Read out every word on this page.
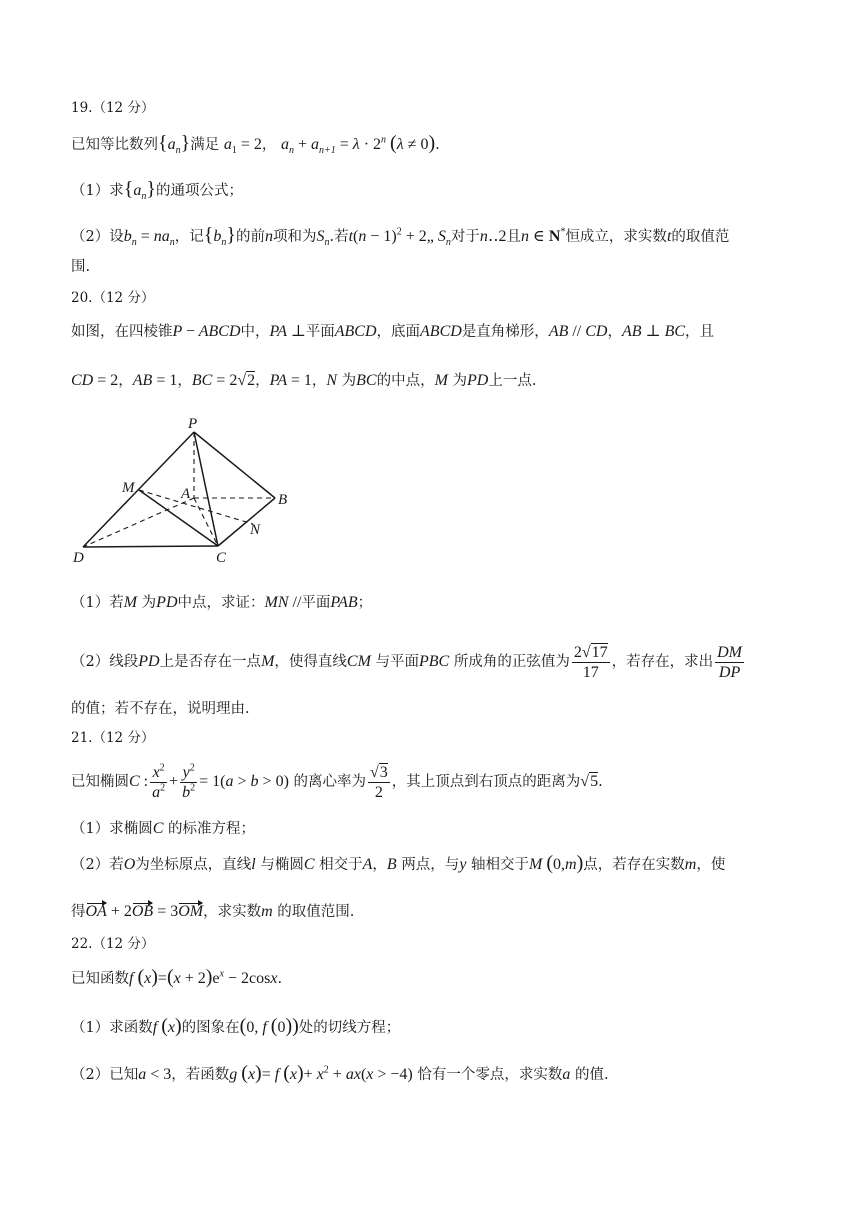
19.（12 分）
已知等比数列$\{a_n\}$满足 $a_1 = 2$， $a_n + a_{n+1} = \lambda \cdot 2^n$ (λ ≠ 0).
（1）求$\{a_n\}$的通项公式；
（2）设$b_n = na_n$，记$\{b_n\}$的前n项和为$S_n$.若$t(n - 1)^2$ + 2„ $S_n$对于n‥2且n ∈ N*恒成立，求实数t的取值范
围.
20.（12 分）
如图，在四棱锥P − ABCD中，PA ⊥平面ABCD，底面ABCD是直角梯形，AB // CD，AB ⊥ BC，且
CD = 2，AB = 1，BC = 2√2，PA = 1，N 为BC的中点，M 为PD上一点.
P
M	A	B
N
D	C
（1）若M 为PD中点，求证：MN //平面PAB；
（2）线段PD上是否存在一点M，使得直线CM 与平面PBC 所成角的正弦值为 $\frac{2√17}{17}$ ，若存在，求出 $\frac{DM}{DP}$
的值；若不存在，说明理由.
21.（12 分）
已知椭圆C : $\frac{x^2}{a^2} + \frac{y^2}{b^2} = 1(a > b > 0)$ 的离心率为 $\frac{√3}{2}$ ，其上顶点到右顶点的距离为√5.
（1）求椭圆C 的标准方程；
（2）若O为坐标原点，直线l 与椭圆C 相交于A，B 两点，与y 轴相交于M (0,m)点，若存在实数m，使
得OA + 2OB = 3OM，求实数m 的取值范围.
22.（12 分）
已知函数f $(x)=(x + 2)e^x - 2\cos x$.
（1）求函数f (x)的图象在(0, f (0))处的切线方程；
（2）已知a < 3，若函数g (x)= f $(x)+ x^2 + ax(x > -4)$ 恰有一个零点，求实数a 的值.
